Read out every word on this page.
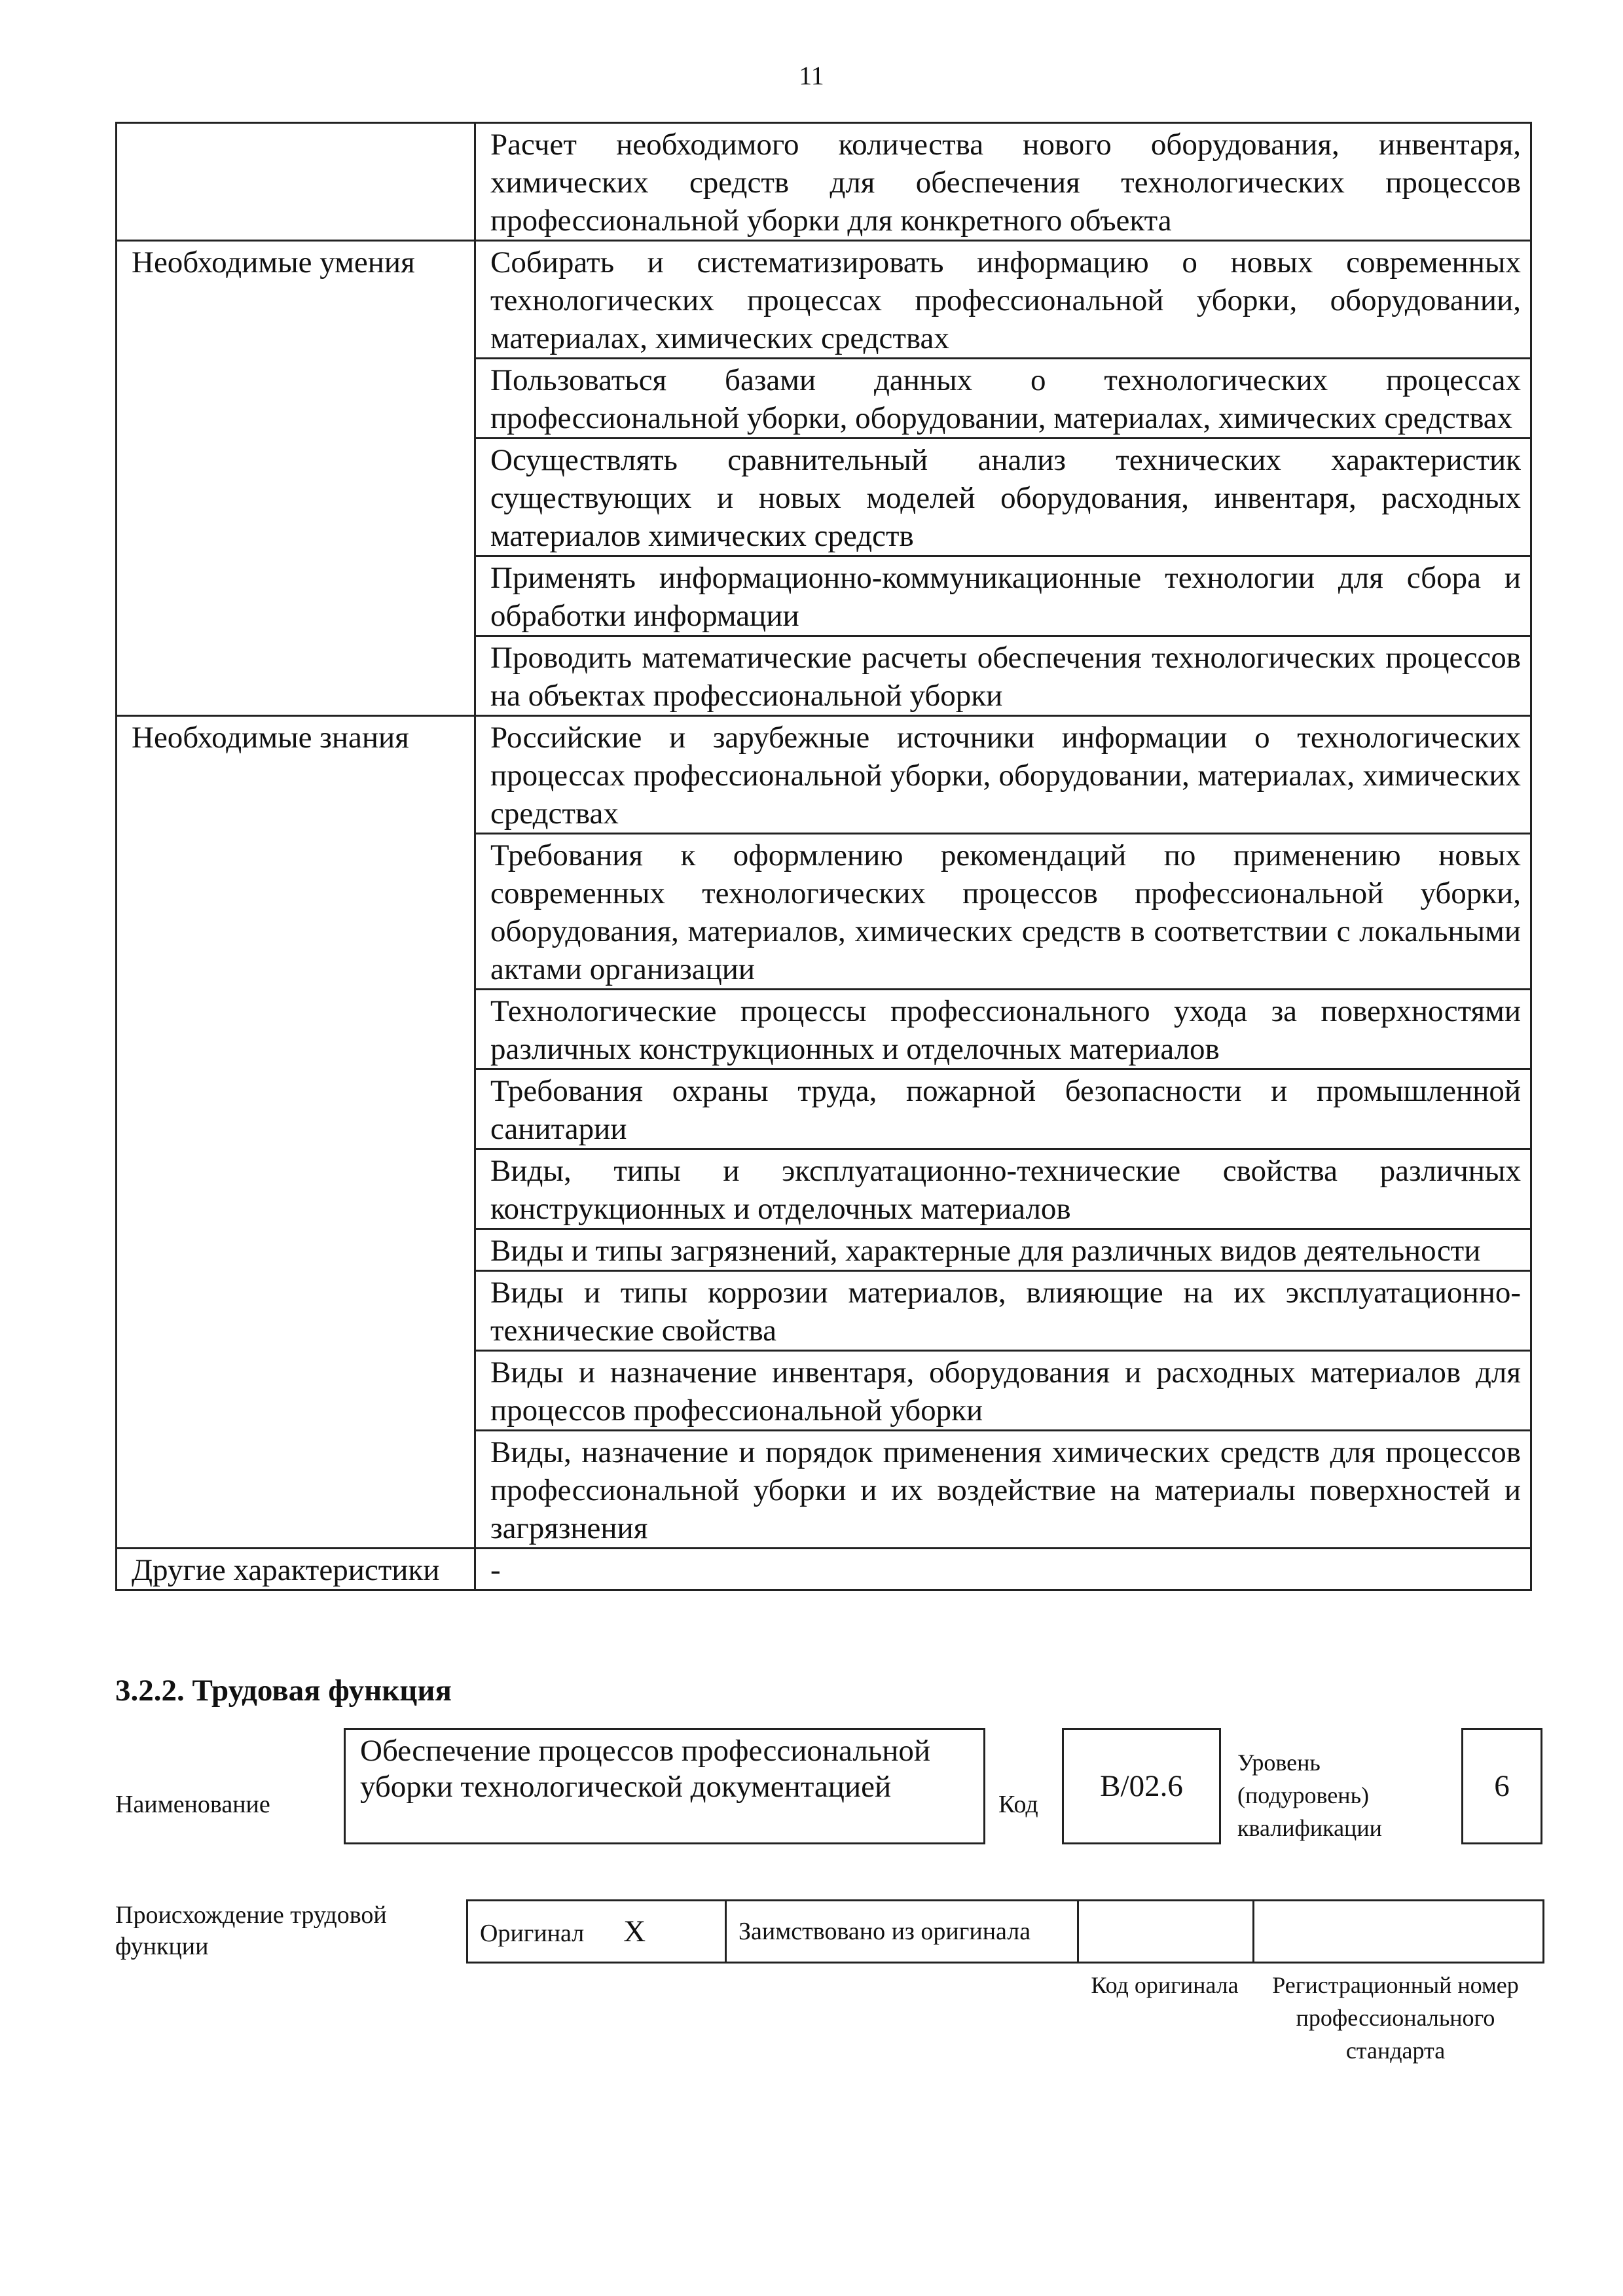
11
	Расчет необходимого количества нового оборудования, инвентаря, химических средств для обеспечения технологических процессов профессиональной уборки для конкретного объекта
Необходимые умения	Собирать и систематизировать информацию о новых современных технологических процессах профессиональной уборки, оборудовании, материалах, химических средствах
	Пользоваться базами данных о технологических процессах профессиональной уборки, оборудовании, материалах, химических средствах
	Осуществлять сравнительный анализ технических характеристик существующих и новых моделей оборудования, инвентаря, расходных материалов химических средств
	Применять информационно-коммуникационные технологии для сбора и обработки информации
	Проводить математические расчеты обеспечения технологических процессов на объектах профессиональной уборки
Необходимые знания	Российские и зарубежные источники информации о технологических процессах профессиональной уборки, оборудовании, материалах, химических средствах
	Требования к оформлению рекомендаций по применению новых современных технологических процессов профессиональной уборки, оборудования, материалов, химических средств в соответствии с локальными актами организации
	Технологические процессы профессионального ухода за поверхностями различных конструкционных и отделочных материалов
	Требования охраны труда, пожарной безопасности и промышленной санитарии
	Виды, типы и эксплуатационно-технические свойства различных конструкционных и отделочных материалов
	Виды и типы загрязнений, характерные для различных видов деятельности
	Виды и типы коррозии материалов, влияющие на их эксплуатационно-технические свойства
	Виды и назначение инвентаря, оборудования и расходных материалов для процессов профессиональной уборки
	Виды, назначение и порядок применения химических средств для процессов профессиональной уборки и их воздействие на материалы поверхностей и загрязнения
Другие характеристики	-
3.2.2. Трудовая функция
Наименование
Обеспечение процессов профессиональной уборки технологической документацией
Код
B/02.6
Уровень (подуровень) квалификации
6
Происхождение трудовой функции	Оригинал X	Заимствовано из оригинала		
Код оригинала	Регистрационный номер профессионального стандарта
